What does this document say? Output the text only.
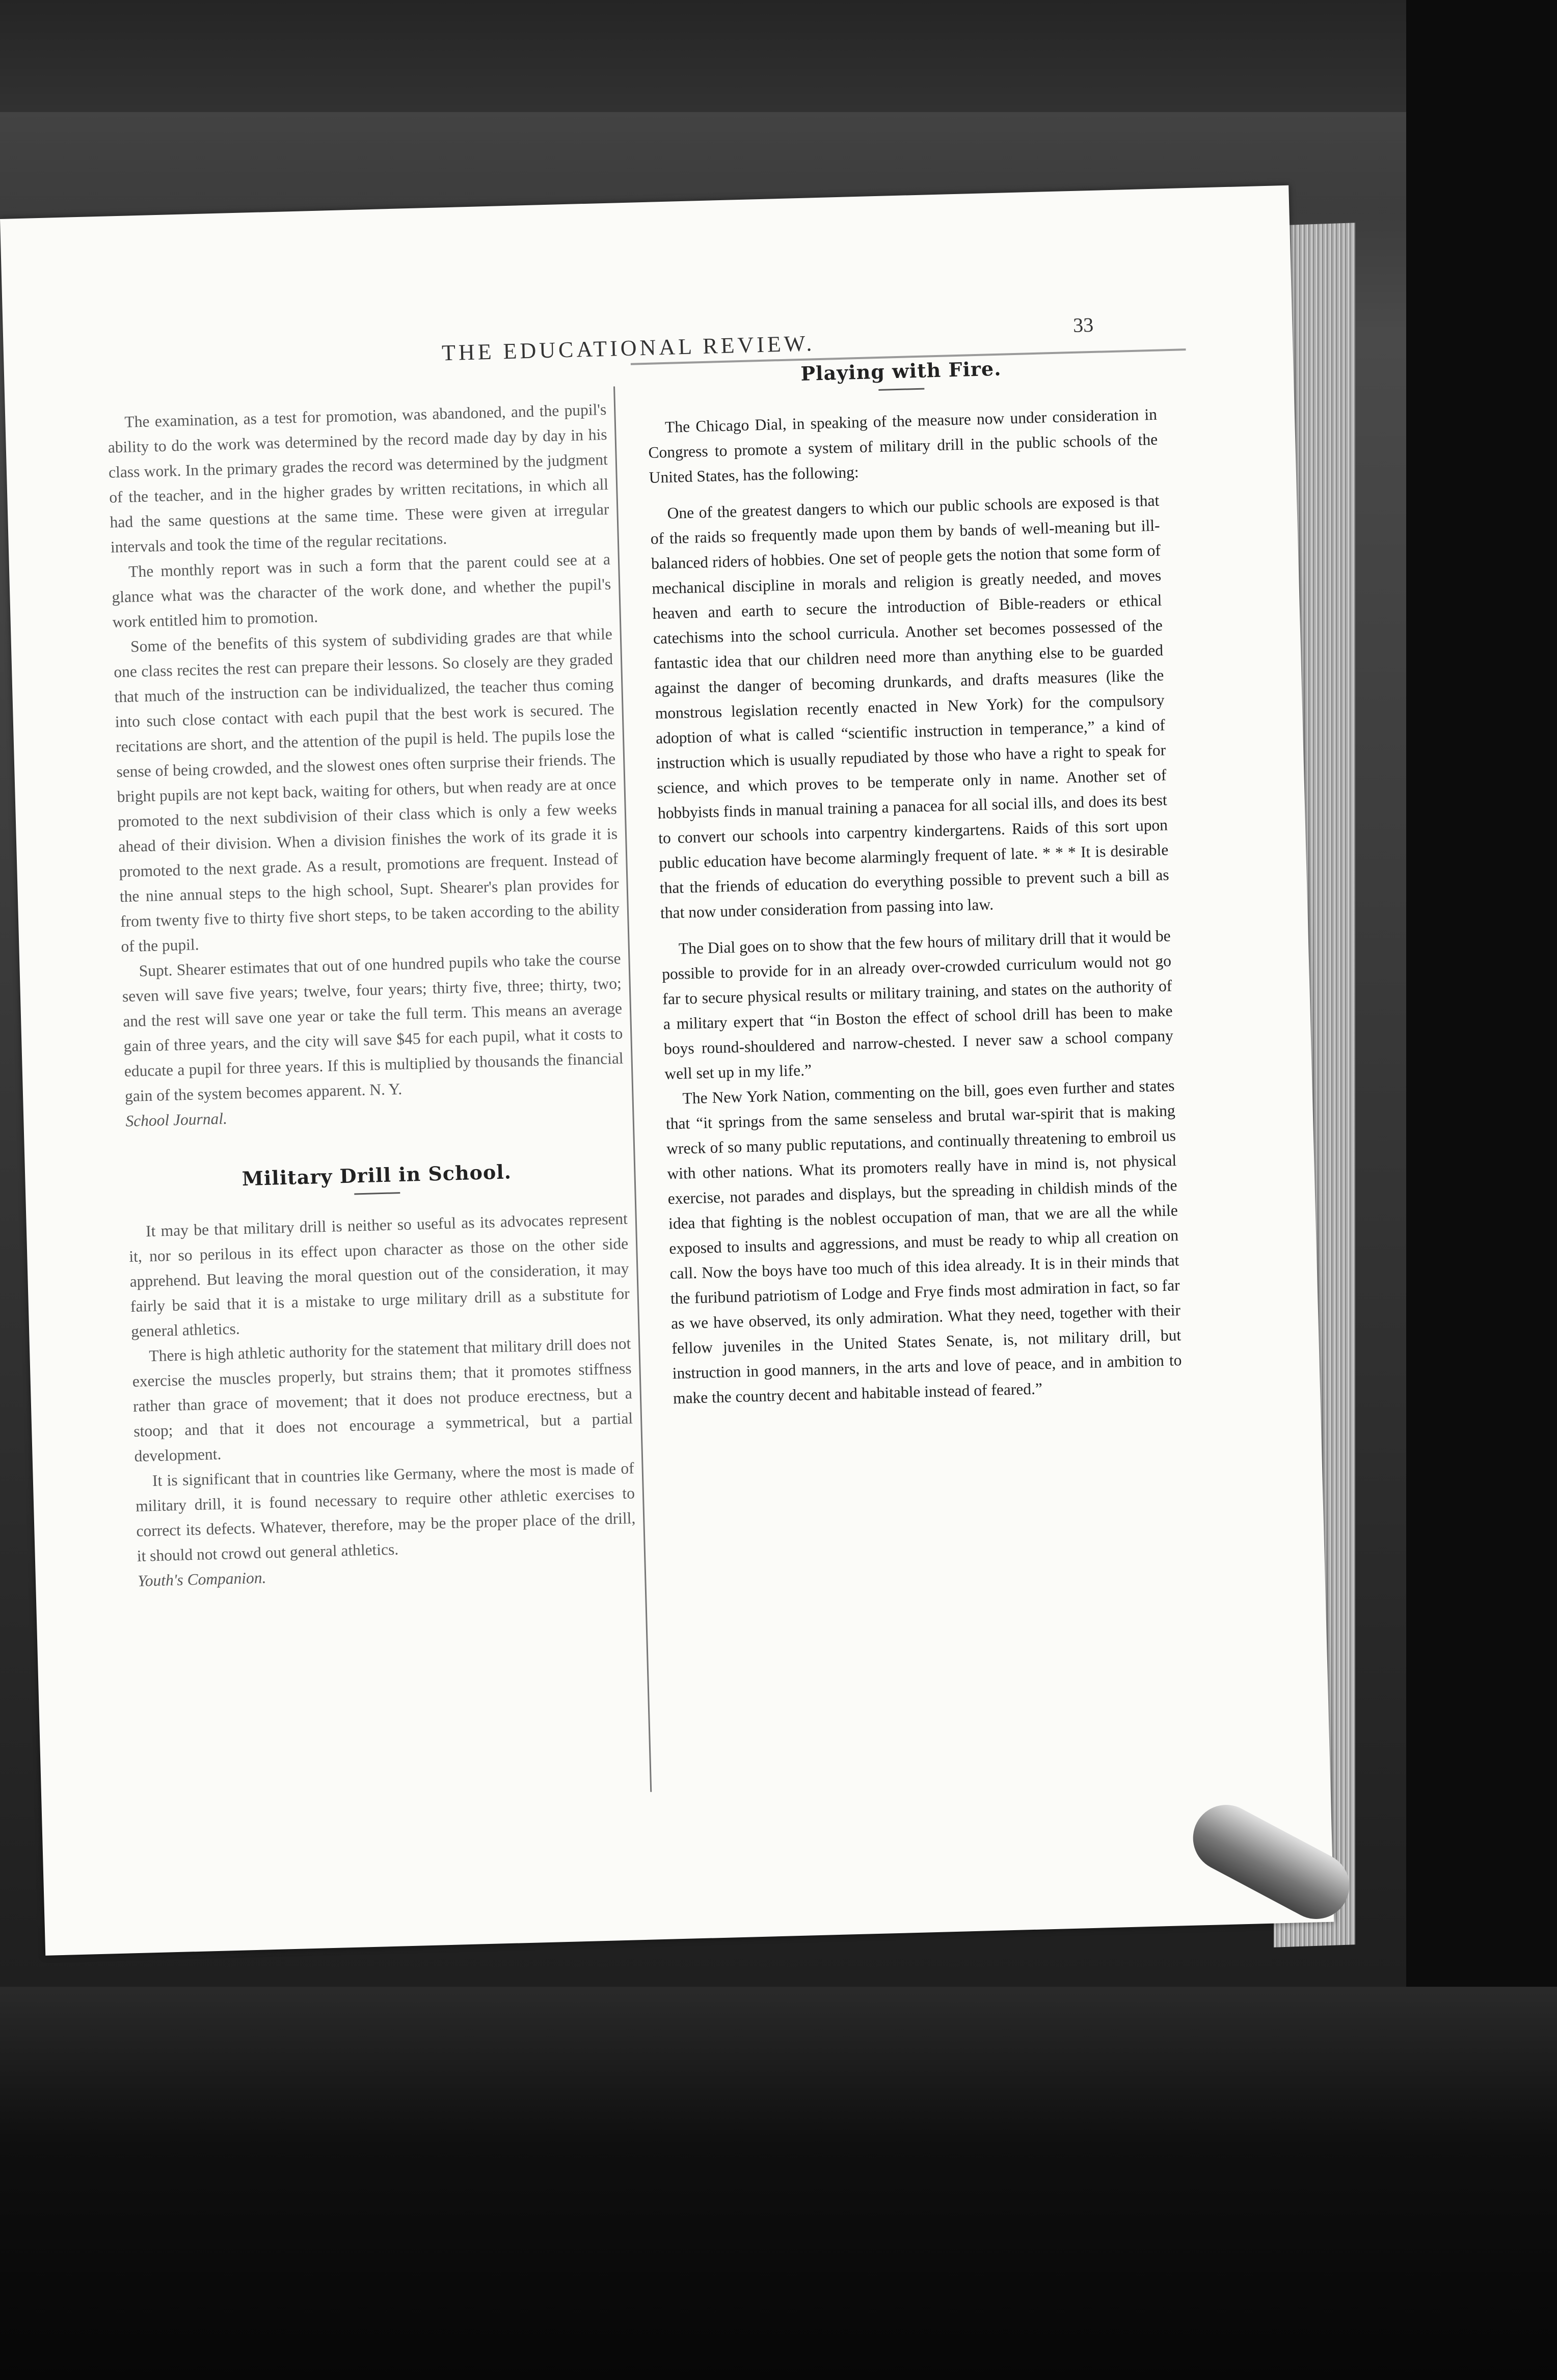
THE EDUCATIONAL REVIEW.
33

The examination, as a test for promotion, was abandoned, and the pupil's ability to do the work was determined by the record made day by day in his class work. In the primary grades the record was determined by the judgment of the teacher, and in the higher grades by written recitations, in which all had the same questions at the same time. These were given at irregular intervals and took the time of the regular recitations.

The monthly report was in such a form that the parent could see at a glance what was the character of the work done, and whether the pupil's work entitled him to promotion.

Some of the benefits of this system of subdividing grades are that while one class recites the rest can prepare their lessons. So closely are they graded that much of the instruction can be individualized, the teacher thus coming into such close contact with each pupil that the best work is secured. The recitations are short, and the attention of the pupil is held. The pupils lose the sense of being crowded, and the slowest ones often surprise their friends. The bright pupils are not kept back, waiting for others, but when ready are at once promoted to the next subdivision of their class which is only a few weeks ahead of their division. When a division finishes the work of its grade it is promoted to the next grade. As a result, promotions are frequent. Instead of the nine annual steps to the high school, Supt. Shearer's plan provides for from twenty five to thirty five short steps, to be taken according to the ability of the pupil.

Supt. Shearer estimates that out of one hundred pupils who take the course seven will save five years; twelve, four years; thirty five, three; thirty, two; and the rest will save one year or take the full term. This means an average gain of three years, and the city will save $45 for each pupil, what it costs to educate a pupil for three years. If this is multiplied by thousands the financial gain of the system becomes apparent. N. Y.

School Journal.
Military Drill in School.

It may be that military drill is neither so useful as its advocates represent it, nor so perilous in its effect upon character as those on the other side apprehend. But leaving the moral question out of the consideration, it may fairly be said that it is a mistake to urge military drill as a substitute for general athletics.

There is high athletic authority for the statement that military drill does not exercise the muscles properly, but strains them; that it promotes stiffness rather than grace of movement; that it does not produce erectness, but a stoop; and that it does not encourage a symmetrical, but a partial development.

It is significant that in countries like Germany, where the most is made of military drill, it is found necessary to require other athletic exercises to correct its defects. Whatever, therefore, may be the proper place of the drill, it should not crowd out general athletics.

Youth's Companion.
Playing with Fire.

The Chicago Dial, in speaking of the measure now under consideration in Congress to promote a system of military drill in the public schools of the United States, has the following:

One of the greatest dangers to which our public schools are exposed is that of the raids so frequently made upon them by bands of well-meaning but ill-balanced riders of hobbies. One set of people gets the notion that some form of mechanical discipline in morals and religion is greatly needed, and moves heaven and earth to secure the introduction of Bible-readers or ethical catechisms into the school curricula. Another set becomes possessed of the fantastic idea that our children need more than anything else to be guarded against the danger of becoming drunkards, and drafts measures (like the monstrous legislation recently enacted in New York) for the compulsory adoption of what is called “scientific instruction in temperance,” a kind of instruction which is usually repudiated by those who have a right to speak for science, and which proves to be temperate only in name. Another set of hobbyists finds in manual training a panacea for all social ills, and does its best to convert our schools into carpentry kindergartens. Raids of this sort upon public education have become alarmingly frequent of late. * * * It is desirable that the friends of education do everything possible to prevent such a bill as that now under consideration from passing into law.

The Dial goes on to show that the few hours of military drill that it would be possible to provide for in an already over-crowded curriculum would not go far to secure physical results or military training, and states on the authority of a military expert that “in Boston the effect of school drill has been to make boys round-shouldered and narrow-chested. I never saw a school company well set up in my life.”

The New York Nation, commenting on the bill, goes even further and states that “it springs from the same senseless and brutal war-spirit that is making wreck of so many public reputations, and continually threatening to embroil us with other nations. What its promoters really have in mind is, not physical exercise, not parades and displays, but the spreading in childish minds of the idea that fighting is the noblest occupation of man, that we are all the while exposed to insults and aggressions, and must be ready to whip all creation on call. Now the boys have too much of this idea already. It is in their minds that the furibund patriotism of Lodge and Frye finds most admiration in fact, so far as we have observed, its only admiration. What they need, together with their fellow juveniles in the United States Senate, is, not military drill, but instruction in good manners, in the arts and love of peace, and in ambition to make the country decent and habitable instead of feared.”
